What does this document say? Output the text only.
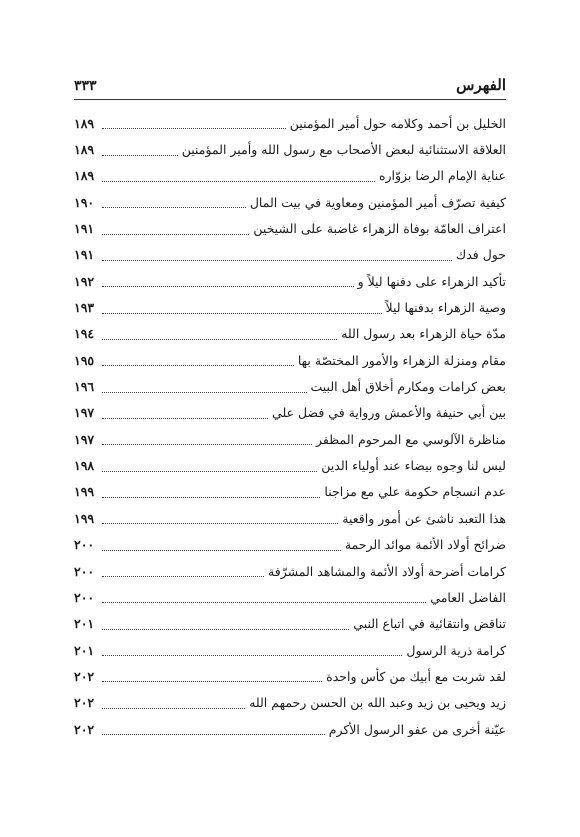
الفهرس
٣٣٣
الخليل بن أحمد وكلامه حول أمير المؤمنين
١٨٩
العلاقة الاستثنائية لبعض الأصحاب مع رسول الله وأمير المؤمنين
١٨٩
عناية الإمام الرضا بزوّاره
١٨٩
كيفية تصرّف أمير المؤمنين ومعاوية في بيت المال
١٩٠
اعتراف العامّة بوفاة الزهراء غاضبة على الشيخين
١٩١
حول فدك
١٩١
تأكيد الزهراء على دفنها ليلاً و
١٩٢
وصية الزهراء بدفنها ليلاً
١٩٣
مدّة حياة الزهراء بعد رسول الله
١٩٤
مقام ومنزلة الزهراء والأمور المختصّة بها
١٩٥
بعض كرامات ومكارم أخلاق أهل البيت
١٩٦
بين أبي حنيفة والأعمش ورواية في فضل علي
١٩٧
مناظرة الآلوسي مع المرحوم المظفر
١٩٧
ليس لنا وجوه بيضاء عند أولياء الدين
١٩٨
عدم انسجام حكومة علي مع مزاجنا
١٩٩
هذا التعبد ناشئ عن أمور واقعية
١٩٩
ضرائح أولاد الأئمة موائد الرحمة
٢٠٠
كرامات أضرحة أولاد الأئمة والمشاهد المشرّفة
٢٠٠
الفاضل العامي
٢٠٠
تناقض وانتقائية في اتباع النبي
٢٠١
كرامة ذرية الرسول
٢٠١
لقد شربت مع أبيك من كأس واحدة
٢٠٢
زيد ويحيى بن زيد وعبد الله بن الحسن رحمهم الله
٢٠٢
عيّنة أخرى من عفو الرسول الأكرم
٢٠٢
